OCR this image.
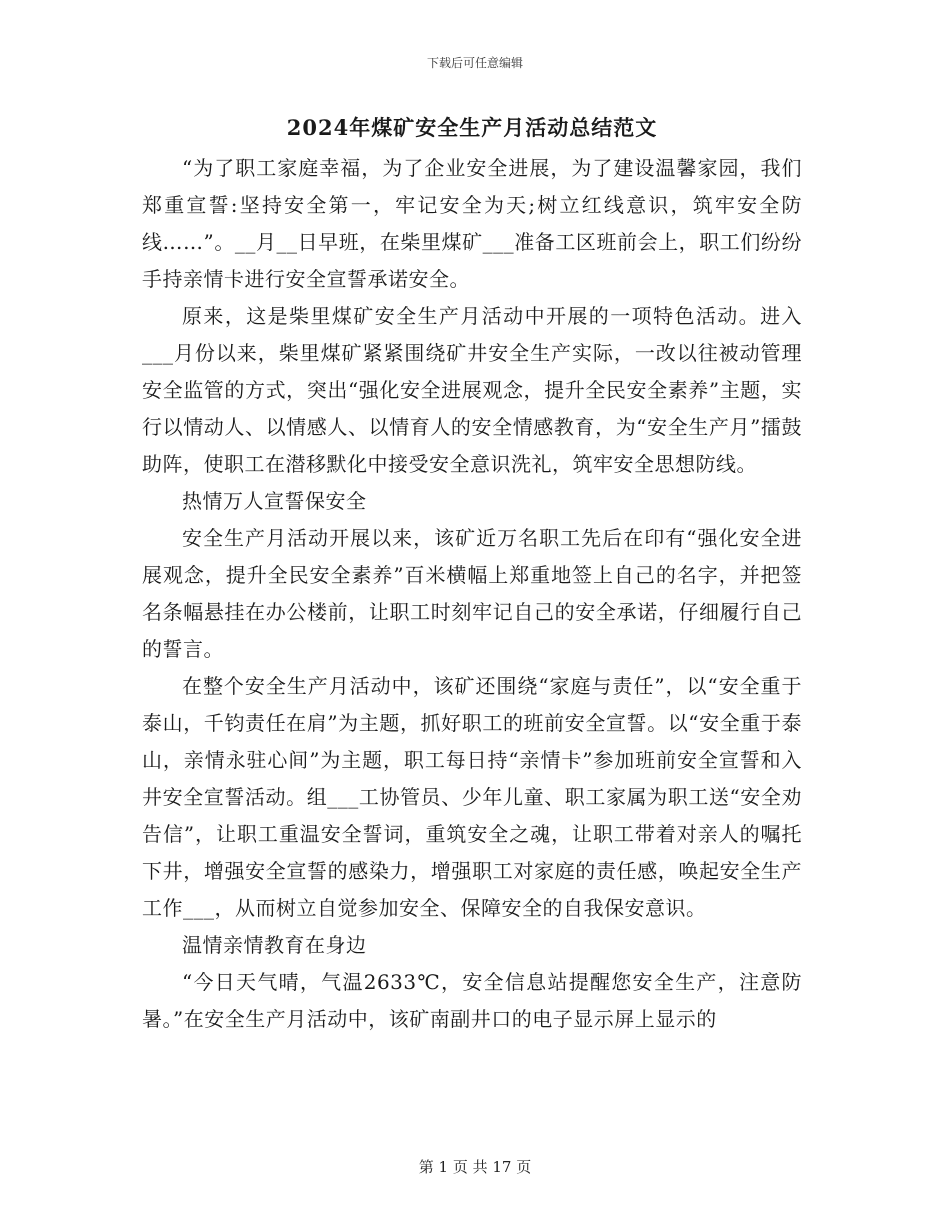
下载后可任意编辑
2024年煤矿安全生产月活动总结范文

“为了职工家庭幸福，为了企业安全进展，为了建设温馨家园，我们郑重宣誓:坚持安全第一，牢记安全为天;树立红线意识，筑牢安全防线……”。__月__日早班，在柴里煤矿___准备工区班前会上，职工们纷纷手持亲情卡进行安全宣誓承诺安全。

原来，这是柴里煤矿安全生产月活动中开展的一项特色活动。进入___月份以来，柴里煤矿紧紧围绕矿井安全生产实际，一改以往被动管理安全监管的方式，突出“强化安全进展观念，提升全民安全素养”主题，实行以情动人、以情感人、以情育人的安全情感教育，为“安全生产月”擂鼓助阵，使职工在潜移默化中接受安全意识洗礼，筑牢安全思想防线。

热情万人宣誓保安全

安全生产月活动开展以来，该矿近万名职工先后在印有“强化安全进展观念，提升全民安全素养”百米横幅上郑重地签上自己的名字，并把签名条幅悬挂在办公楼前，让职工时刻牢记自己的安全承诺，仔细履行自己的誓言。

在整个安全生产月活动中，该矿还围绕“家庭与责任”，以“安全重于泰山，千钧责任在肩”为主题，抓好职工的班前安全宣誓。以“安全重于泰山，亲情永驻心间”为主题，职工每日持“亲情卡”参加班前安全宣誓和入井安全宣誓活动。组___工协管员、少年儿童、职工家属为职工送“安全劝告信”，让职工重温安全誓词，重筑安全之魂，让职工带着对亲人的嘱托下井，增强安全宣誓的感染力，增强职工对家庭的责任感，唤起安全生产工作___，从而树立自觉参加安全、保障安全的自我保安意识。

温情亲情教育在身边

“今日天气晴，气温2633℃，安全信息站提醒您安全生产，注意防暑。”在安全生产月活动中，该矿南副井口的电子显示屏上显示的

第 1 页 共 17 页
